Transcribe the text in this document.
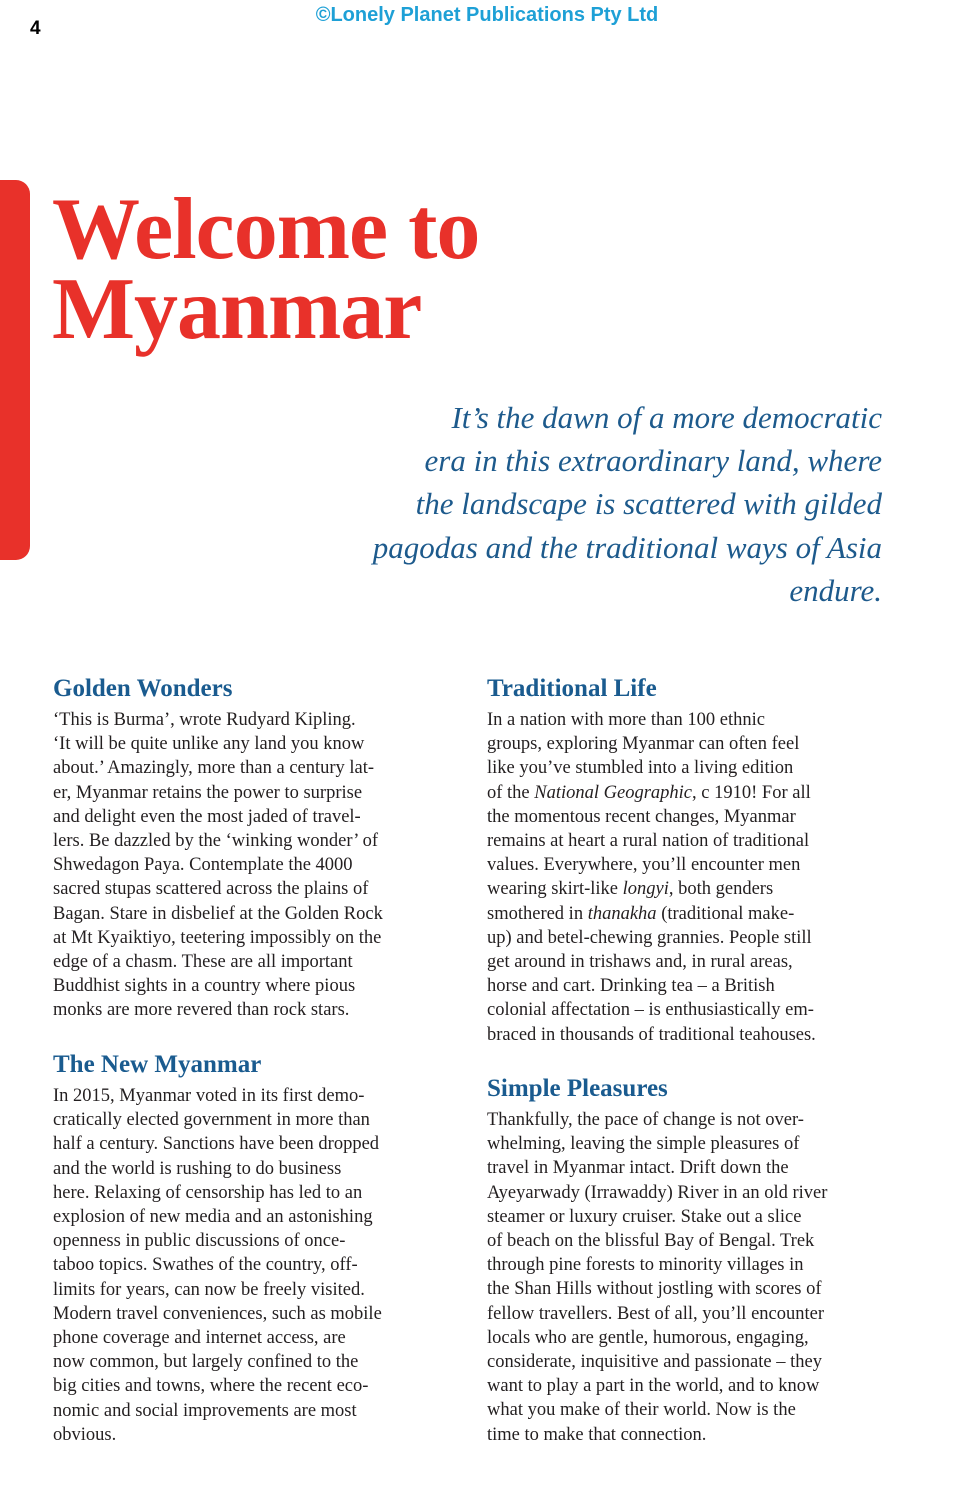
4
©Lonely Planet Publications Pty Ltd
Welcome to
Myanmar
It’s the dawn of a more democratic
era in this extraordinary land, where
the landscape is scattered with gilded
pagodas and the traditional ways of Asia
endure.
Golden Wonders
‘This is Burma’, wrote Rudyard Kipling.
‘It will be quite unlike any land you know
about.’ Amazingly, more than a century lat-
er, Myanmar retains the power to surprise
and delight even the most jaded of travel-
lers. Be dazzled by the ‘winking wonder’ of
Shwedagon Paya. Contemplate the 4000
sacred stupas scattered across the plains of
Bagan. Stare in disbelief at the Golden Rock
at Mt Kyaiktiyo, teetering impossibly on the
edge of a chasm. These are all important
Buddhist sights in a country where pious
monks are more revered than rock stars.
The New Myanmar
In 2015, Myanmar voted in its first demo-
cratically elected government in more than
half a century. Sanctions have been dropped
and the world is rushing to do business
here. Relaxing of censorship has led to an
explosion of new media and an astonishing
openness in public discussions of once-
taboo topics. Swathes of the country, off-
limits for years, can now be freely visited.
Modern travel conveniences, such as mobile
phone coverage and internet access, are
now common, but largely confined to the
big cities and towns, where the recent eco-
nomic and social improvements are most
obvious.
Traditional Life
In a nation with more than 100 ethnic
groups, exploring Myanmar can often feel
like you’ve stumbled into a living edition
of the National Geographic, c 1910! For all
the momentous recent changes, Myanmar
remains at heart a rural nation of traditional
values. Everywhere, you’ll encounter men
wearing skirt-like longyi, both genders
smothered in thanakha (traditional make-
up) and betel-chewing grannies. People still
get around in trishaws and, in rural areas,
horse and cart. Drinking tea – a British
colonial affectation – is enthusiastically em-
braced in thousands of traditional teahouses.
Simple Pleasures
Thankfully, the pace of change is not over-
whelming, leaving the simple pleasures of
travel in Myanmar intact. Drift down the
Ayeyarwady (Irrawaddy) River in an old river
steamer or luxury cruiser. Stake out a slice
of beach on the blissful Bay of Bengal. Trek
through pine forests to minority villages in
the Shan Hills without jostling with scores of
fellow travellers. Best of all, you’ll encounter
locals who are gentle, humorous, engaging,
considerate, inquisitive and passionate – they
want to play a part in the world, and to know
what you make of their world. Now is the
time to make that connection.
